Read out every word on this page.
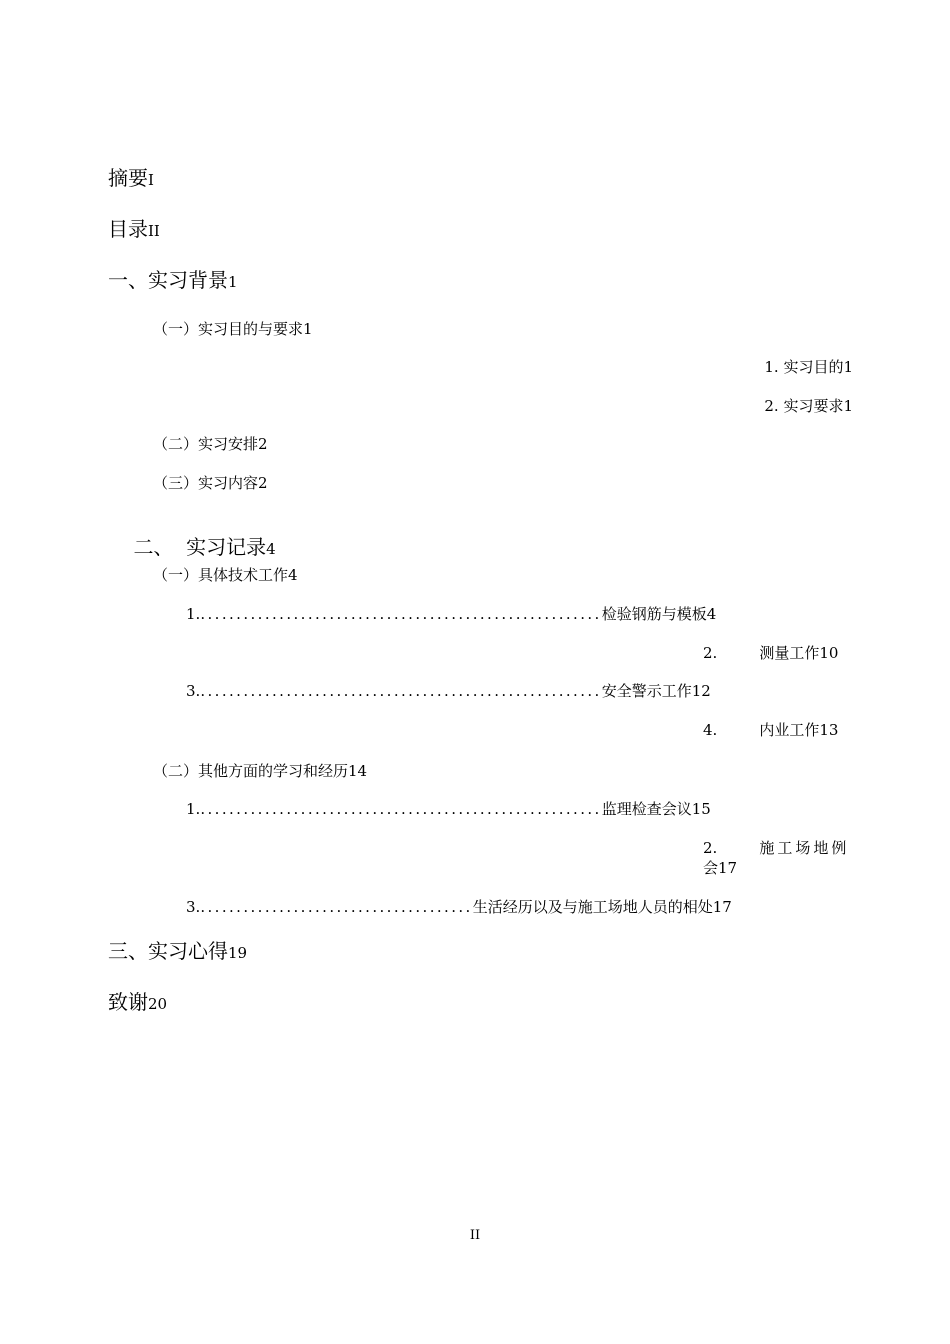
摘要I
目录II
一、实习背景1
（一）实习目的与要求1
1. 实习目的1
2. 实习要求1
（二）实习安排2
（三）实习内容2

二、  实习记录4

（一）具体技术工作4
1. ........................................................ 检验钢筋与模板 4
2.	测量工作10
3. ........................................................ 安全警示工作 12
4.	内业工作13
（二）其他方面的学习和经历14
1. ........................................................ 监理检查会议 15
2.	施工场地例
会17
3. ...................................... 生活经历以及与施工场地人员的相处 17
三、实习心得19
致谢20
II
